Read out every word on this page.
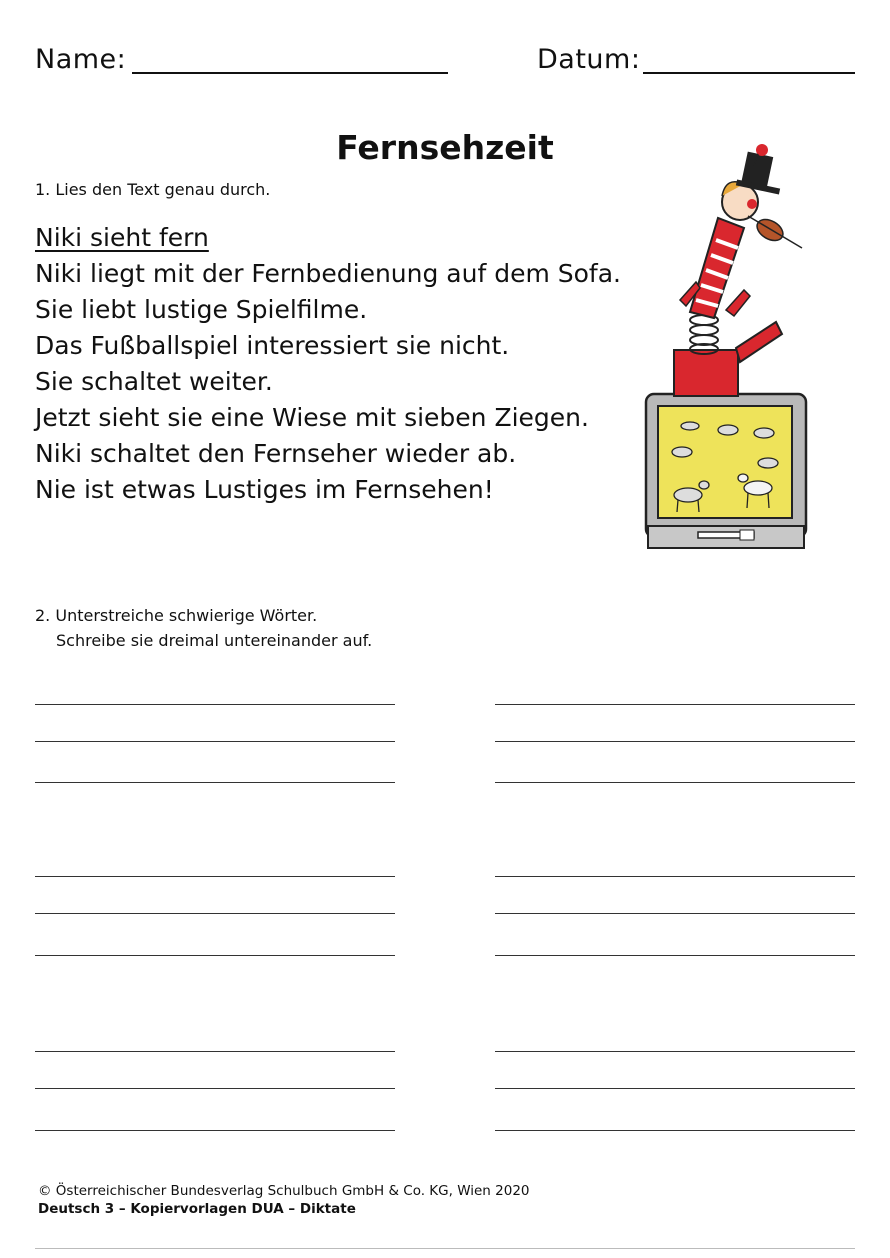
Name:	Datum:
Fernsehzeit
1. Lies den Text genau durch.
Niki sieht fern
Niki liegt mit der Fernbedienung auf dem Sofa.
Sie liebt lustige Spielfilme.
Das Fußballspiel interessiert sie nicht.
Sie schaltet weiter.
Jetzt sieht sie eine Wiese mit sieben Ziegen.
Niki schaltet den Fernseher wieder ab.
Nie ist etwas Lustiges im Fernsehen!
2. Unterstreiche schwierige Wörter.
Schreibe sie dreimal untereinander auf.
© Österreichischer Bundesverlag Schulbuch GmbH & Co. KG, Wien 2020
Deutsch 3 – Kopiervorlagen DUA – Diktate
